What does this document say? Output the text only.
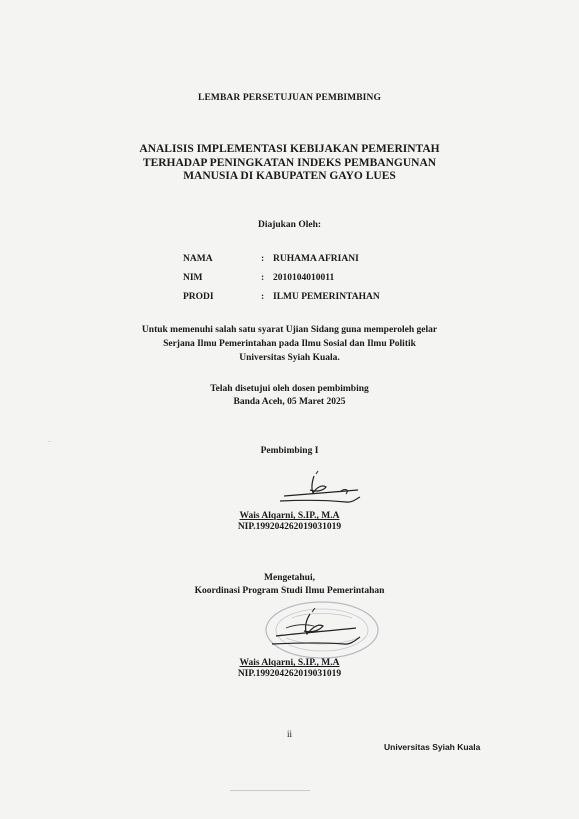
LEMBAR PERSETUJUAN PEMBIMBING
ANALISIS IMPLEMENTASI KEBIJAKAN PEMERINTAH
TERHADAP PENINGKATAN INDEKS PEMBANGUNAN
MANUSIA DI KABUPATEN GAYO LUES
Diajukan Oleh:
NAMA	: RUHAMA AFRIANI
NIM	: 2010104010011
PRODI	: ILMU PEMERINTAHAN
Untuk memenuhi salah satu syarat Ujian Sidang guna memperoleh gelar
Serjana Ilmu Pemerintahan pada Ilmu Sosial dan Ilmu Politik
Universitas Syiah Kuala.
Telah disetujui oleh dosen pembimbing
Banda Aceh, 05 Maret 2025
Pembimbing I
Wais Alqarni, S.IP., M.A
NIP.199204262019031019
Mengetahui,
Koordinasi Program Studi Ilmu Pemerintahan
Wais Alqarni, S.IP., M.A
NIP.199204262019031019
ii
Universitas Syiah Kuala
